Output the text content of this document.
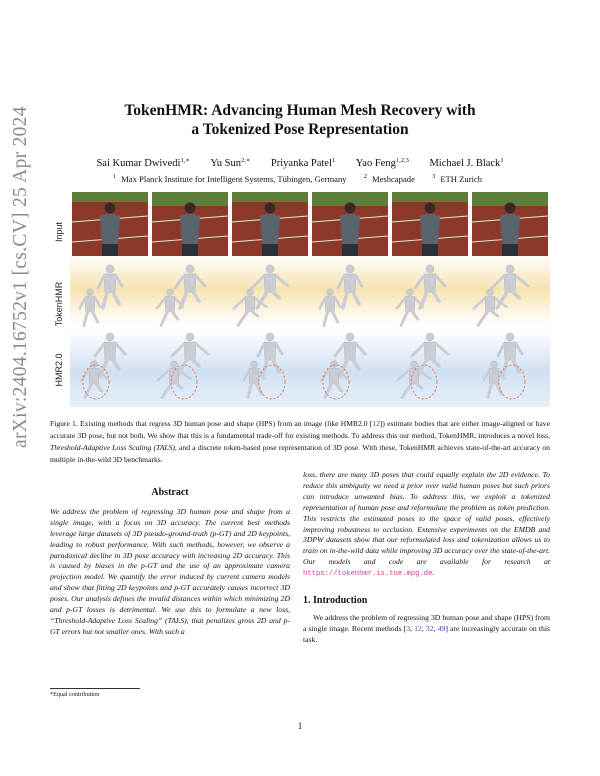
arXiv:2404.16752v1 [cs.CV] 25 Apr 2024	TokenHMR: Advancing Human Mesh Recovery with
a Tokenized Pose Representation
Sai Kumar Dwivedi$^{1,∗}$ Yu Sun$^{2,∗}$ Priyanka Patel$^1$ Yao Feng$^{1,2,3}$ Michael J. Black$^1$
$^1$ Max Planck Institute for Intelligent Systems, Tübingen, Germany	$^2$ Meshcapade	$^3$ ETH Zurich
Input
TokenHMR
HMR2.0
Figure 1. Existing methods that regress 3D human pose and shape (HPS) from an image (like HMR2.0 [12]) estimate bodies that are either image-aligned or have accurate 3D pose, but not both. We show that this is a fundamental trade-off for existing methods. To address this our method, TokenHMR, introduces a novel loss, Threshold-Adaptive Loss Scaling (TALS), and a discrete token-based pose representation of 3D pose. With these, TokenHMR achieves state-of-the-art accuracy on multiple in-the-wild 3D benchmarks.
Abstract
We address the problem of regressing 3D human pose and shape from a single image, with a focus on 3D accuracy. The current best methods leverage large datasets of 3D pseudo-ground-truth (p-GT) and 2D keypoints, leading to robust performance. With such methods, however, we observe a paradoxical decline in 3D pose accuracy with increasing 2D accuracy. This is caused by biases in the p-GT and the use of an approximate camera projection model. We quantify the error induced by current camera models and show that fitting 2D keypoints and p-GT accurately causes incorrect 3D poses. Our analysis defines the invalid distances within which minimizing 2D and p-GT losses is detrimental. We use this to formulate a new loss, “Threshold-Adaptive Loss Scaling” (TALS), that penalizes gross 2D and p-GT errors but not smaller ones. With such a
loss, there are many 3D poses that could equally explain the 2D evidence. To reduce this ambiguity we need a prior over valid human poses but such priors can introduce unwanted bias. To address this, we exploit a tokenized representation of human pose and reformulate the problem as token prediction. This restricts the estimated poses to the space of valid poses, effectively improving robustness to occlusion. Extensive experiments on the EMDB and 3DPW datasets show that our reformulated loss and tokenization allows us to train on in-the-wild data while improving 3D accuracy over the state-of-the-art. Our models and code are available for research at https://tokenhmr.is.tue.mpg.de.
1. Introduction
We address the problem of regressing 3D human pose and shape (HPS) from a single image. Recent methods [3, 12, 32, 49] are increasingly accurate on this task.
*Equal contribution
1
